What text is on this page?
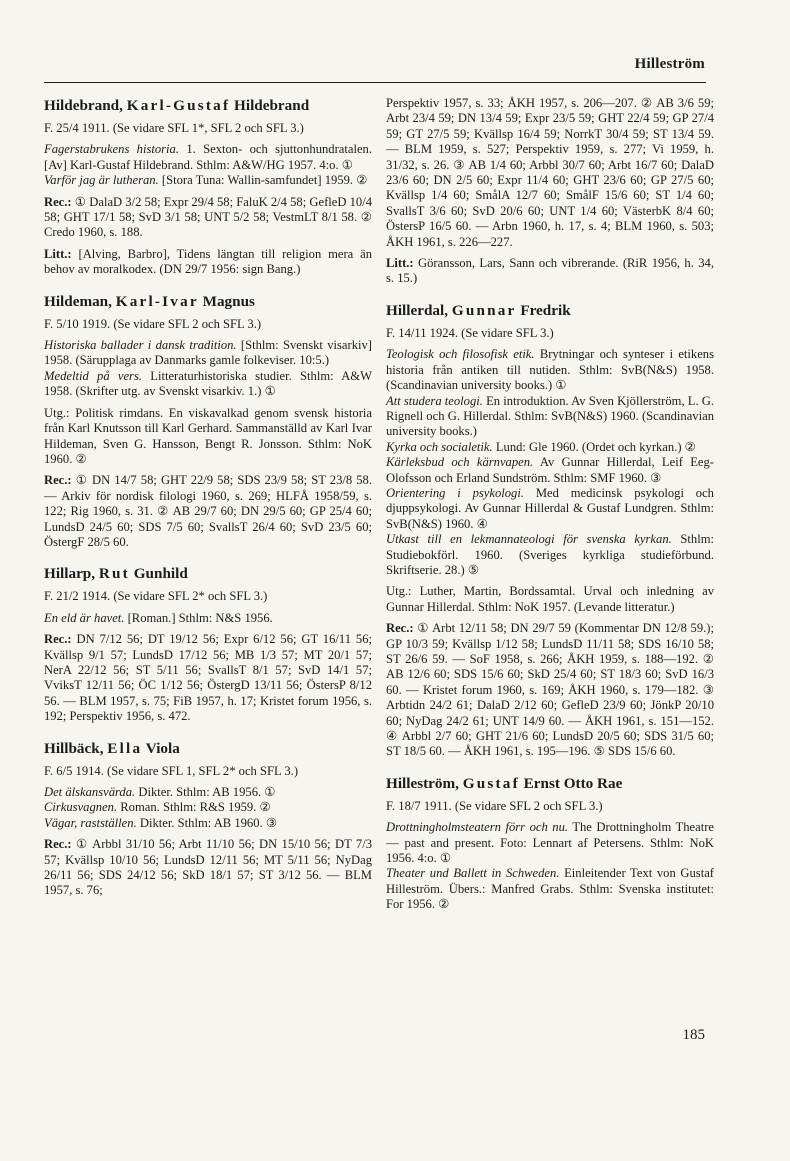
Hilleström
Hildebrand, Karl-Gustaf Hildebrand

F. 25/4 1911. (Se vidare SFL 1*, SFL 2 och SFL 3.)

Fagerstabrukens historia. 1. Sexton- och sjuttonhundratalen. [Av] Karl-Gustaf Hildebrand. Sthlm: A&W/HG 1957. 4:o. ①

Varför jag är lutheran. [Stora Tuna: Wallin-samfundet] 1959. ②

Rec.: ① DalaD 3/2 58; Expr 29/4 58; FaluK 2/4 58; GefleD 10/4 58; GHT 17/1 58; SvD 3/1 58; UNT 5/2 58; VestmLT 8/1 58. ② Credo 1960, s. 188.

Litt.: [Alving, Barbro], Tidens längtan till religion mera än behov av moralkodex. (DN 29/7 1956: sign Bang.)

Hildeman, Karl-Ivar Magnus

F. 5/10 1919. (Se vidare SFL 2 och SFL 3.)

Historiska ballader i dansk tradition. [Sthlm: Svenskt visarkiv] 1958. (Särupplaga av Danmarks gamle folkeviser. 10:5.)

Medeltid på vers. Litteraturhistoriska studier. Sthlm: A&W 1958. (Skrifter utg. av Svenskt visarkiv. 1.) ①

Utg.: Politisk rimdans. En viskavalkad genom svensk historia från Karl Knutsson till Karl Gerhard. Sammanställd av Karl Ivar Hildeman, Sven G. Hansson, Bengt R. Jonsson. Sthlm: NoK 1960. ②

Rec.: ① DN 14/7 58; GHT 22/9 58; SDS 23/9 58; ST 23/8 58. — Arkiv för nordisk filologi 1960, s. 269; HLFÅ 1958/59, s. 122; Rig 1960, s. 31. ② AB 29/7 60; DN 29/5 60; GP 25/4 60; LundsD 24/5 60; SDS 7/5 60; SvallsT 26/4 60; SvD 23/5 60; ÖstergF 28/5 60.

Hillarp, Rut Gunhild

F. 21/2 1914. (Se vidare SFL 2* och SFL 3.)

En eld är havet. [Roman.] Sthlm: N&S 1956.

Rec.: DN 7/12 56; DT 19/12 56; Expr 6/12 56; GT 16/11 56; Kvällsp 9/1 57; LundsD 17/12 56; MB 1/3 57; MT 20/1 57; NerA 22/12 56; ST 5/11 56; SvallsT 8/1 57; SvD 14/1 57; VviksT 12/11 56; ÖC 1/12 56; ÖstergD 13/11 56; ÖstersP 8/12 56. — BLM 1957, s. 75; FiB 1957, h. 17; Kristet forum 1956, s. 192; Perspektiv 1956, s. 472.

Hillbäck, Ella Viola

F. 6/5 1914. (Se vidare SFL 1, SFL 2* och SFL 3.)

Det älskansvärda. Dikter. Sthlm: AB 1956. ①

Cirkusvagnen. Roman. Sthlm: R&S 1959. ②

Vägar, rastställen. Dikter. Sthlm: AB 1960. ③

Rec.: ① Arbbl 31/10 56; Arbt 11/10 56; DN 15/10 56; DT 7/3 57; Kvällsp 10/10 56; LundsD 12/11 56; MT 5/11 56; NyDag 26/11 56; SDS 24/12 56; SkD 18/1 57; ST 3/12 56. — BLM 1957, s. 76;

Perspektiv 1957, s. 33; ÅKH 1957, s. 206—207. ② AB 3/6 59; Arbt 23/4 59; DN 13/4 59; Expr 23/5 59; GHT 22/4 59; GP 27/4 59; GT 27/5 59; Kvällsp 16/4 59; NorrkT 30/4 59; ST 13/4 59. — BLM 1959, s. 527; Perspektiv 1959, s. 277; Vi 1959, h. 31/32, s. 26. ③ AB 1/4 60; Arbbl 30/7 60; Arbt 16/7 60; DalaD 23/6 60; DN 2/5 60; Expr 11/4 60; GHT 23/6 60; GP 27/5 60; Kvällsp 1/4 60; SmålA 12/7 60; SmålF 15/6 60; ST 1/4 60; SvallsT 3/6 60; SvD 20/6 60; UNT 1/4 60; VästerbK 8/4 60; ÖstersP 16/5 60. — Arbn 1960, h. 17, s. 4; BLM 1960, s. 503; ÅKH 1961, s. 226—227.

Litt.: Göransson, Lars, Sann och vibrerande. (RiR 1956, h. 34, s. 15.)

Hillerdal, Gunnar Fredrik

F. 14/11 1924. (Se vidare SFL 3.)

Teologisk och filosofisk etik. Brytningar och synteser i etikens historia från antiken till nutiden. Sthlm: SvB(N&S) 1958. (Scandinavian university books.) ①

Att studera teologi. En introduktion. Av Sven Kjöllerström, L. G. Rignell och G. Hillerdal. Sthlm: SvB(N&S) 1960. (Scandinavian university books.)

Kyrka och socialetik. Lund: Gle 1960. (Ordet och kyrkan.) ②

Kärleksbud och kärnvapen. Av Gunnar Hillerdal, Leif Eeg-Olofsson och Erland Sundström. Sthlm: SMF 1960. ③

Orientering i psykologi. Med medicinsk psykologi och djuppsykologi. Av Gunnar Hillerdal & Gustaf Lundgren. Sthlm: SvB(N&S) 1960. ④

Utkast till en lekmannateologi för svenska kyrkan. Sthlm: Studiebokförl. 1960. (Sveriges kyrkliga studieförbund. Skriftserie. 28.) ⑤

Utg.: Luther, Martin, Bordssamtal. Urval och inledning av Gunnar Hillerdal. Sthlm: NoK 1957. (Levande litteratur.)

Rec.: ① Arbt 12/11 58; DN 29/7 59 (Kommentar DN 12/8 59.); GP 10/3 59; Kvällsp 1/12 58; LundsD 11/11 58; SDS 16/10 58; ST 26/6 59. — SoF 1958, s. 266; ÅKH 1959, s. 188—192. ② AB 12/6 60; SDS 15/6 60; SkD 25/4 60; ST 18/3 60; SvD 16/3 60. — Kristet forum 1960, s. 169; ÅKH 1960, s. 179—182. ③ Arbtidn 24/2 61; DalaD 2/12 60; GefleD 23/9 60; JönkP 20/10 60; NyDag 24/2 61; UNT 14/9 60. — ÅKH 1961, s. 151—152. ④ Arbbl 2/7 60; GHT 21/6 60; LundsD 20/5 60; SDS 31/5 60; ST 18/5 60. — ÅKH 1961, s. 195—196. ⑤ SDS 15/6 60.

Hilleström, Gustaf Ernst Otto Rae

F. 18/7 1911. (Se vidare SFL 2 och SFL 3.)

Drottningholmsteatern förr och nu. The Drottningholm Theatre — past and present. Foto: Lennart af Petersens. Sthlm: NoK 1956. 4:o. ①

Theater und Ballett in Schweden. Einleitender Text von Gustaf Hilleström. Übers.: Manfred Grabs. Sthlm: Svenska institutet: For 1956. ②

185
